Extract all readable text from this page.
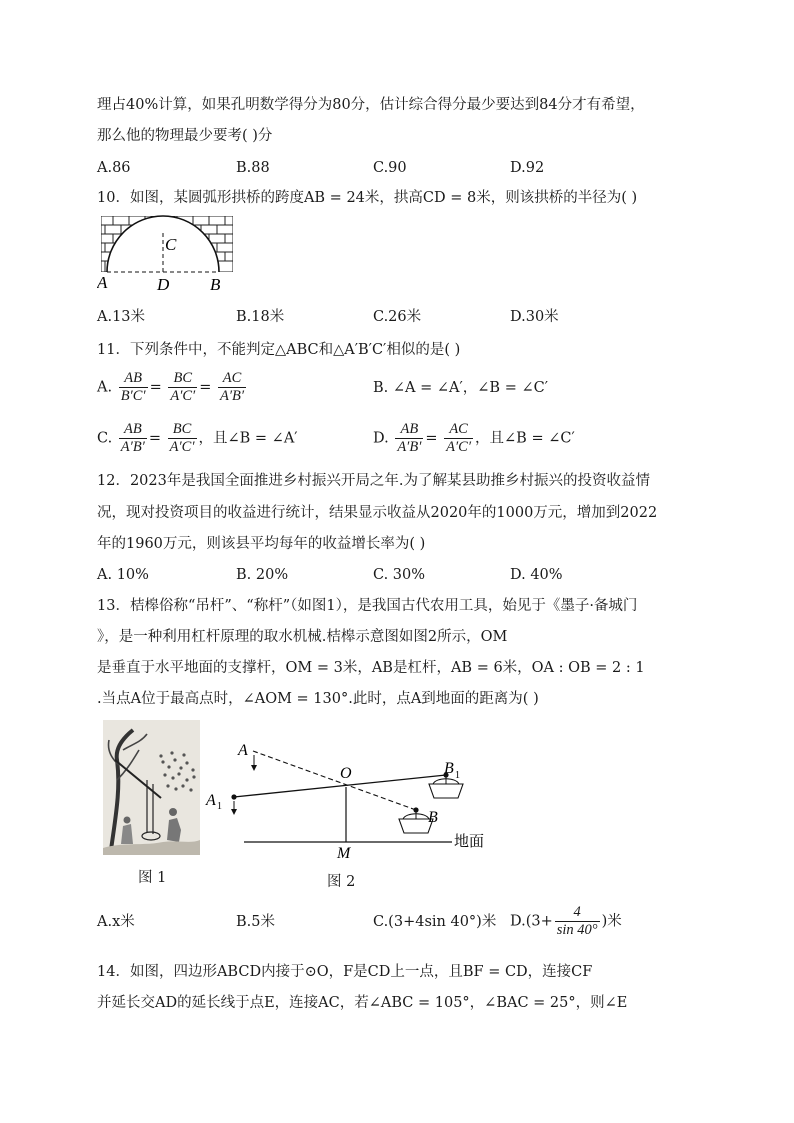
理占40%计算，如果孔明数学得分为80分，估计综合得分最少要达到84分才有希望，
那么他的物理最少要考( )分
A.86	B.88	C.90	D.92
10．如图，某圆弧形拱桥的跨度AB = 24米，拱高CD = 8米，则该拱桥的半径为( )
C
A	D B
A.13米	B.18米	C.26米	D.30米
11．下列条件中，不能判定△ABC和△A′B′C′相似的是( )
A. $\frac{AB}{B'C'} = \frac{BC}{A'C'} = \frac{AC}{A'B'}$	B. ∠A = ∠A′，∠B = ∠C′
C. $\frac{AB}{A'B'} = \frac{BC}{A'C'}$ ，且∠B = ∠A′	D. $\frac{AB}{A'B'} = \frac{AC}{A'C'}$ ，且∠B = ∠C′
12．2023年是我国全面推进乡村振兴开局之年.为了解某县助推乡村振兴的投资收益情
况，现对投资项目的收益进行统计，结果显示收益从2020年的1000万元，增加到2022
年的1960万元，则该县平均每年的收益增长率为( )
A. 10%	B. 20%	C. 30%	D. 40%
13．桔槔俗称“吊杆”、“称杆”（如图1），是我国古代农用工具，始见于《墨子·备城门
》，是一种利用杠杆原理的取水机械.桔槔示意图如图2所示，OM
是垂直于水平地面的支撑杆，OM = 3米，AB是杠杆，AB = 6米，OA : OB = 2 : 1
.当点A位于最高点时，∠AOM = 130°.此时，点A到地面的距离为( )
图 1
A
A 1
O	B 1
B
M
地面
图 2
A.x米	B.5米	C.(3+4sin 40°)米 $D.(3+ \frac{4}{\sin 40^\circ}$ )米
14．如图，四边形ABCD内接于⊙O，F是CD上一点，且BF = CD，连接CF
并延长交AD的延长线于点E，连接AC，若∠ABC = 105°，∠BAC = 25°，则∠E
